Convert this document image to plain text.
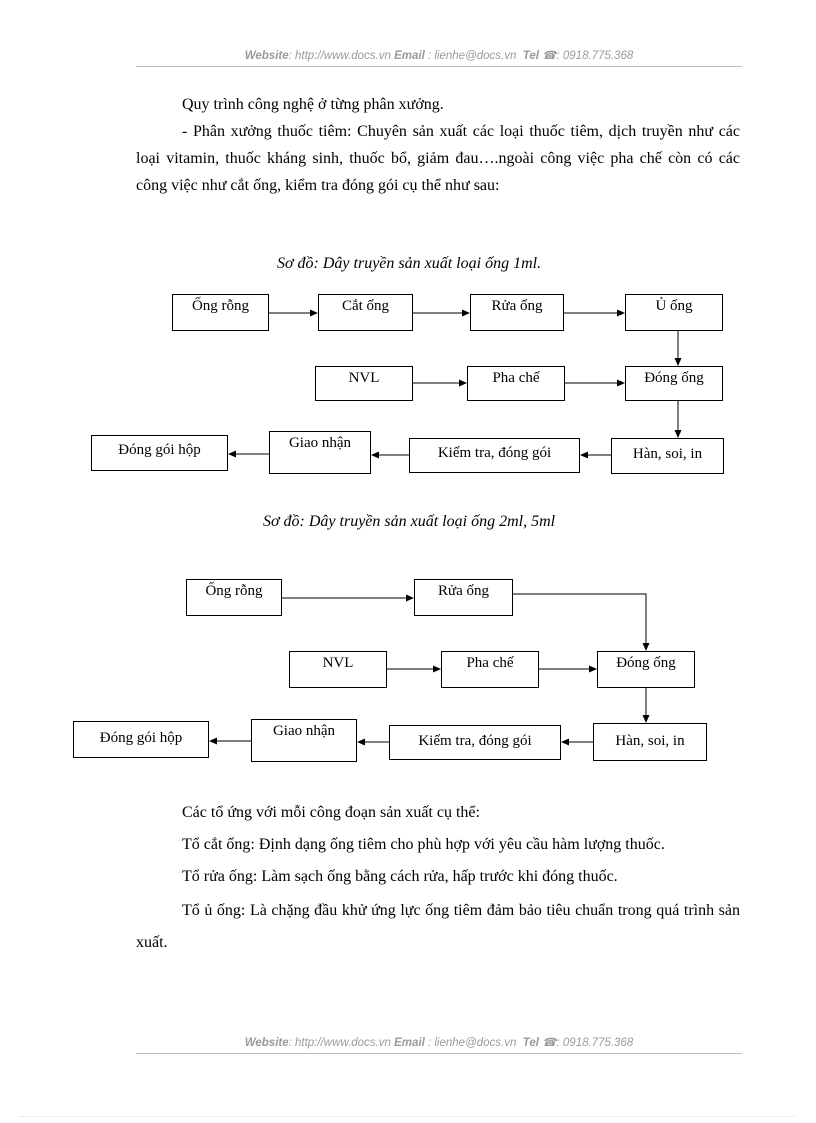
Website: http://www.docs.vn Email : lienhe@docs.vn Tel ☎: 0918.775.368

Quy trình công nghệ ở từng phân xưởng.

- Phân xưởng thuốc tiêm: Chuyên sản xuất các loại thuốc tiêm, dịch truyền như các loại vitamin, thuốc kháng sinh, thuốc bổ, giảm đau….ngoài công việc pha chế còn có các công việc như cắt ống, kiểm tra đóng gói cụ thể như sau:

Sơ đồ: Dây truyền sản xuất loại ống 1ml.
Ống rỗng	Cắt ống	Rửa ống	Ủ ống
NVL	Pha chế	Đóng ống
Đóng gói hộp	Giao nhận
Kiểm tra, đóng gói	Hàn, soi, in
Sơ đồ: Dây truyền sản xuất loại ống 2ml, 5ml
Ống rỗng	Rửa ống
NVL	Pha chế	Đóng ống
Đóng gói hộp	Giao nhận
Kiểm tra, đóng gói	Hàn, soi, in

Các tổ ứng với mỗi công đoạn sản xuất cụ thể:

Tổ cắt ống: Định dạng ống tiêm cho phù hợp với yêu cầu hàm lượng thuốc.

Tổ rửa ống: Làm sạch ống bằng cách rửa, hấp trước khi đóng thuốc.

Tổ ủ ống: Là chặng đầu khử ứng lực ống tiêm đảm bảo tiêu chuẩn trong quá trình sản xuất.

Website: http://www.docs.vn Email : lienhe@docs.vn Tel ☎: 0918.775.368
